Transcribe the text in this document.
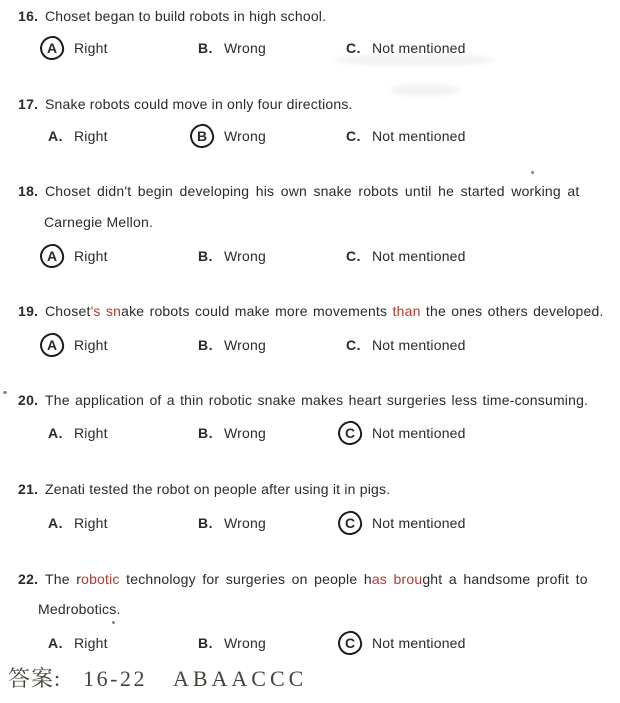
16. Choset began to build robots in high school.
A Right	B. Wrong	C. Not mentioned
17. Snake robots could move in only four directions.
A. Right	B Wrong	C. Not mentioned
18. Choset didn't begin developing his own snake robots until he started working at
Carnegie Mellon.
A Right	B. Wrong	C. Not mentioned
19. Choset's snake robots could make more movements than the ones others developed.
A Right	B. Wrong	C. Not mentioned
20. The application of a thin robotic snake makes heart surgeries less time-consuming.
A. Right	B. Wrong	C Not mentioned
21. Zenati tested the robot on people after using it in pigs.
A. Right	B. Wrong	C Not mentioned
22. The robotic technology for surgeries on people has brought a handsome profit to
Medrobotics.
A. Right	B. Wrong	C Not mentioned
答案: 16-22 ABAACCC
